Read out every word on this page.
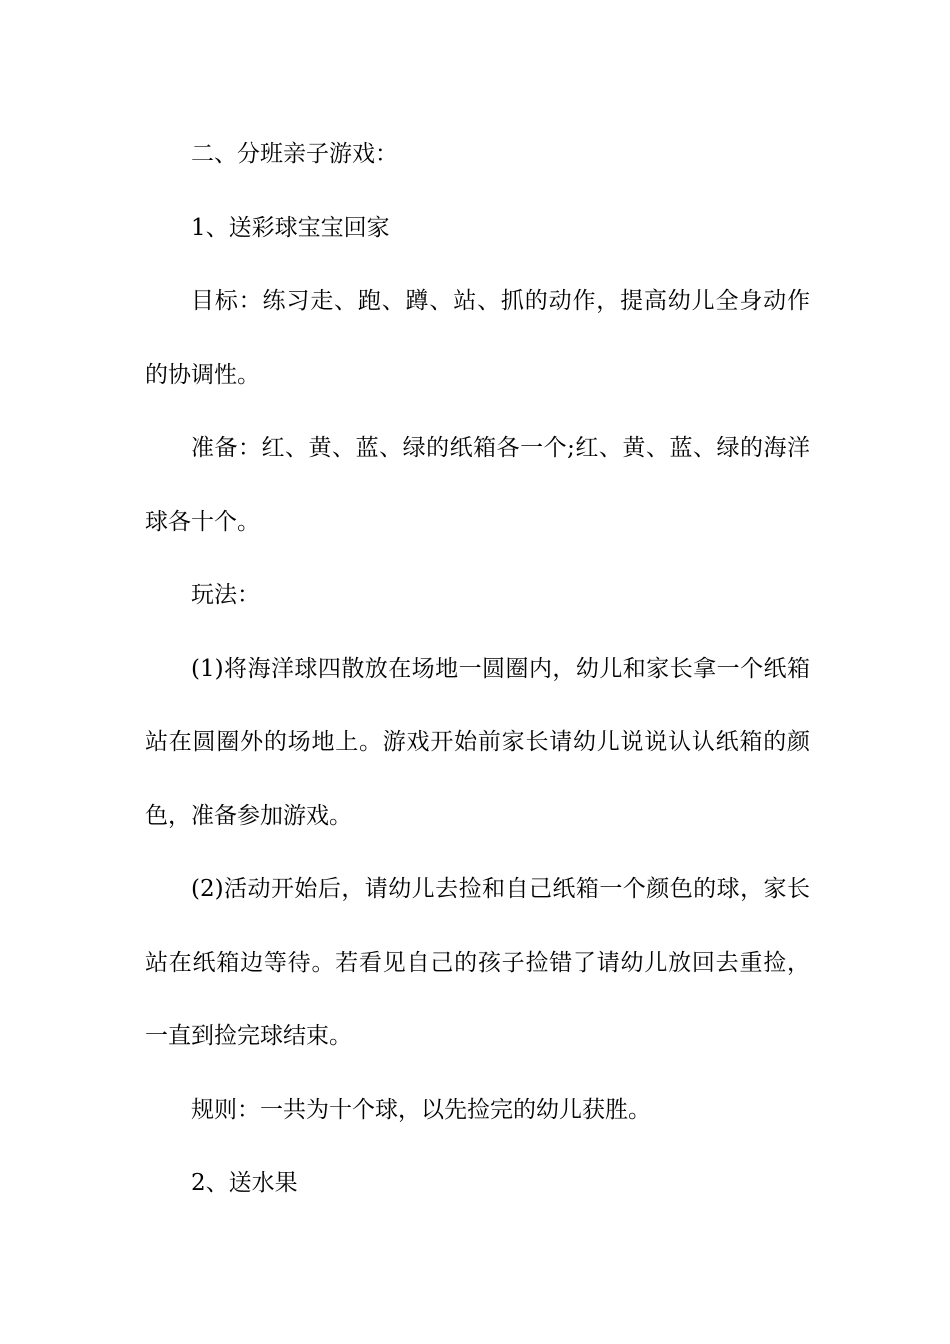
二、分班亲子游戏：

1、送彩球宝宝回家

目标：练习走、跑、蹲、站、抓的动作，提高幼儿全身动作的协调性。

准备：红、黄、蓝、绿的纸箱各一个;红、黄、蓝、绿的海洋球各十个。

玩法：

(1)将海洋球四散放在场地一圆圈内，幼儿和家长拿一个纸箱站在圆圈外的场地上。游戏开始前家长请幼儿说说认认纸箱的颜色，准备参加游戏。

(2)活动开始后，请幼儿去捡和自己纸箱一个颜色的球，家长站在纸箱边等待。若看见自己的孩子捡错了请幼儿放回去重捡，一直到捡完球结束。

规则：一共为十个球，以先捡完的幼儿获胜。

2、送水果
